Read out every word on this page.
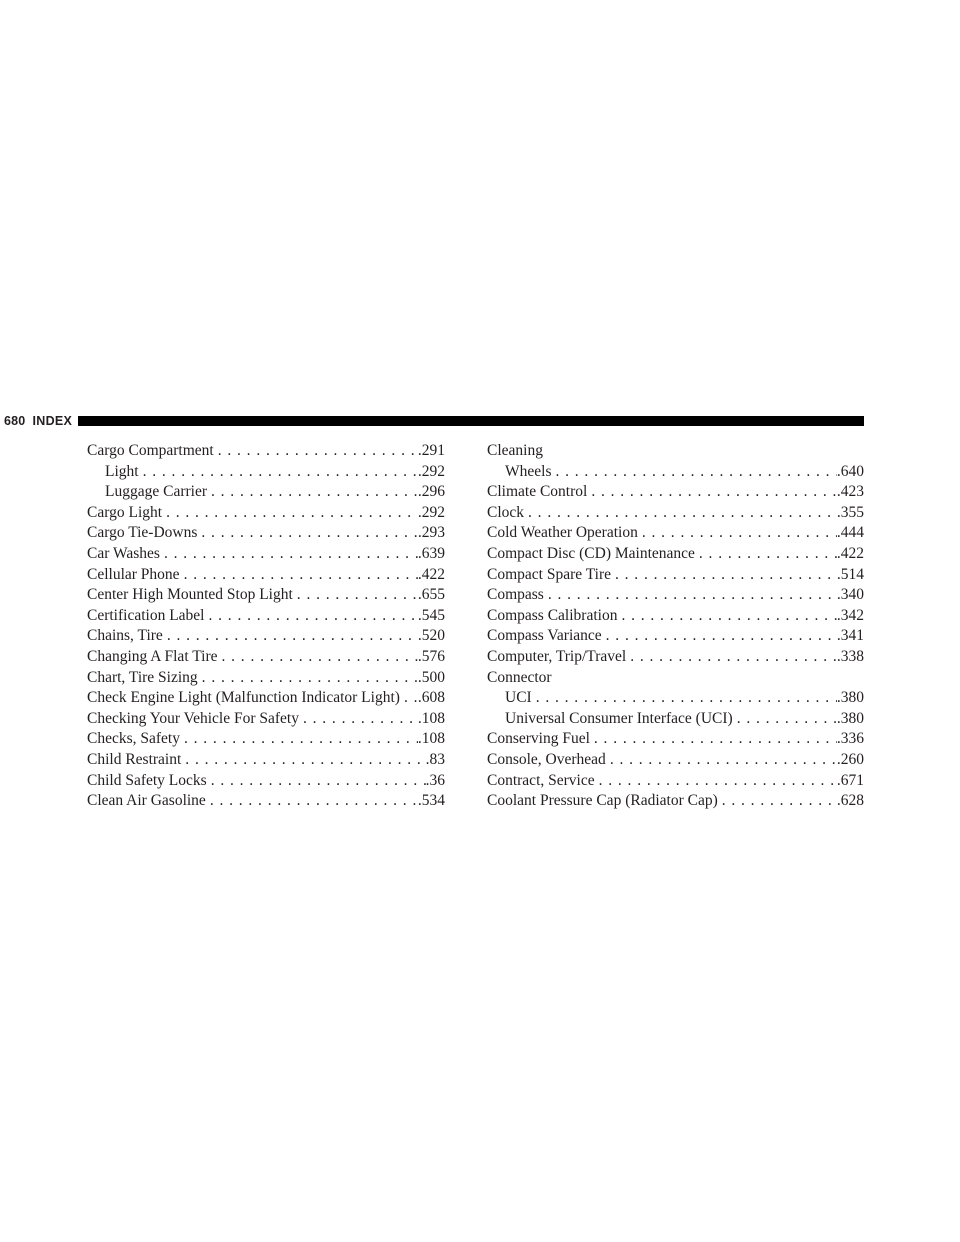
680 INDEX
Cargo Compartment . . .	.291
Light . . .	.292
Luggage Carrier . . .	.296
Cargo Light . . .	.292
Cargo Tie-Downs . . .	.293
Car Washes . . .	.639
Cellular Phone . . .	.422
Center High Mounted Stop Light . . .	.655
Certification Label . . .	.545
Chains, Tire . . .	.520
Changing A Flat Tire . . .	.576
Chart, Tire Sizing . . .	.500
Check Engine Light (Malfunction Indicator Light) . . . .608
Checking Your Vehicle For Safety . . .	.108
Checks, Safety . . .	.108
Child Restraint . . .	.83
Child Safety Locks . . .	.36
Clean Air Gasoline . . .	.534
Cleaning
Wheels . . .	.640
Climate Control . . .	.423
Clock . . .	.355
Cold Weather Operation . . .	.444
Compact Disc (CD) Maintenance . . .	.422
Compact Spare Tire . . .	.514
Compass . . .	.340
Compass Calibration . . .	.342
Compass Variance . . .	.341
Computer, Trip/Travel . . .	.338
Connector
UCI . . .	.380
Universal Consumer Interface (UCI) . . .	.380
Conserving Fuel . . .	.336
Console, Overhead . . .	.260
Contract, Service . . .	.671
Coolant Pressure Cap (Radiator Cap) . . .	.628
